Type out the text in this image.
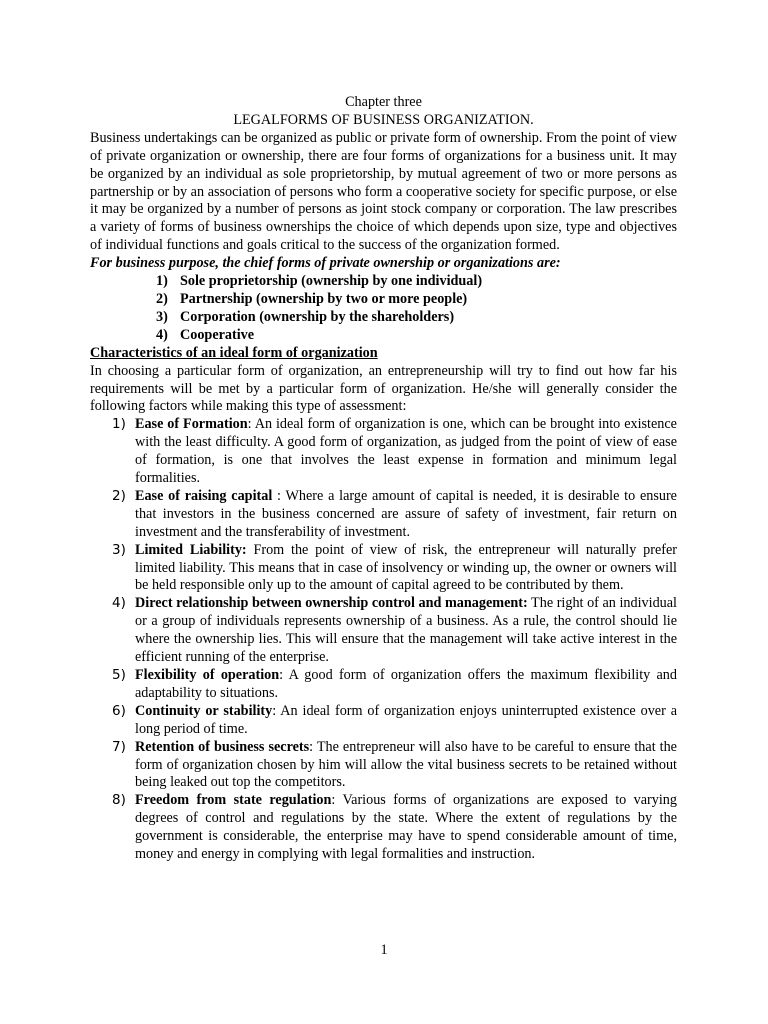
Chapter three

LEGALFORMS OF BUSINESS ORGANIZATION.

Business undertakings can be organized as public or private form of ownership. From the point of view of private organization or ownership, there are four forms of organizations for a business unit. It may be organized by an individual as sole proprietorship, by mutual agreement of two or more persons as partnership or by an association of persons who form a cooperative society for specific purpose, or else it may be organized by a number of persons as joint stock company or corporation. The law prescribes a variety of forms of business ownerships the choice of which depends upon size, type and objectives of individual functions and goals critical to the success of the organization formed.

For business purpose, the chief forms of private ownership or organizations are:

1) Sole proprietorship (ownership by one individual)
2) Partnership (ownership by two or more people)
3) Corporation (ownership by the shareholders)
4) Cooperative

Characteristics of an ideal form of organization

In choosing a particular form of organization, an entrepreneurship will try to find out how far his requirements will be met by a particular form of organization. He/she will generally consider the following factors while making this type of assessment:

1) Ease of Formation: An ideal form of organization is one, which can be brought into existence with the least difficulty. A good form of organization, as judged from the point of view of ease of formation, is one that involves the least expense in formation and minimum legal formalities.
2) Ease of raising capital : Where a large amount of capital is needed, it is desirable to ensure that investors in the business concerned are assure of safety of investment, fair return on investment and the transferability of investment.
3) Limited Liability: From the point of view of risk, the entrepreneur will naturally prefer limited liability. This means that in case of insolvency or winding up, the owner or owners will be held responsible only up to the amount of capital agreed to be contributed by them.
4) Direct relationship between ownership control and management: The right of an individual or a group of individuals represents ownership of a business. As a rule, the control should lie where the ownership lies. This will ensure that the management will take active interest in the efficient running of the enterprise.
5) Flexibility of operation: A good form of organization offers the maximum flexibility and adaptability to situations.
6) Continuity or stability: An ideal form of organization enjoys uninterrupted existence over a long period of time.
7) Retention of business secrets: The entrepreneur will also have to be careful to ensure that the form of organization chosen by him will allow the vital business secrets to be retained without being leaked out top the competitors.
8) Freedom from state regulation: Various forms of organizations are exposed to varying degrees of control and regulations by the state. Where the extent of regulations by the government is considerable, the enterprise may have to spend considerable amount of time, money and energy in complying with legal formalities and instruction.
1
